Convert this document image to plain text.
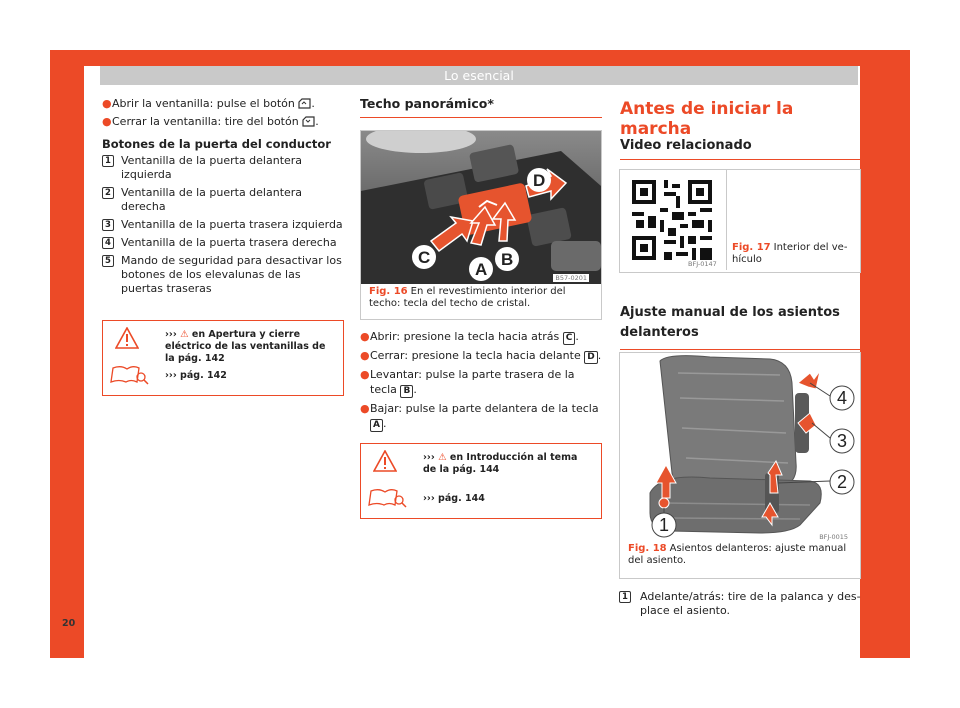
Lo esencial
20
● Abrir la ventanilla: pulse el botón .
● Cerrar la ventanilla: tire del botón .
Botones de la puerta del conductor
1 Ventanilla de la puerta delantera izquierda
2 Ventanilla de la puerta delantera derecha
3 Ventanilla de la puerta trasera izquierda
4 Ventanilla de la puerta trasera derecha
5 Mando de seguridad para desactivar los botones de los elevalunas de las puertas traseras
››› ⚠ en Apertura y cierre eléctrico de las ventanillas de la pág. 142
››› pág. 142
Techo panorámico*
D
C
A
B
B57-0201
Fig. 16 En el revestimiento interior del techo: tecla del techo de cristal.
● Abrir: presione la tecla hacia atrás C .
● Cerrar: presione la tecla hacia delante D .
● Levantar: pulse la parte trasera de la tecla B .
● Bajar: pulse la parte delantera de la tecla A .
››› ⚠ en Introducción al tema de la pág. 144
››› pág. 144
Antes de iniciar la marcha
Video relacionado
BFJ-0147
Fig. 17 Interior del vehículo
Ajuste manual de los asientos delanteros
4
3
2
1
BFJ-0015
Fig. 18 Asientos delanteros: ajuste manual del asiento.
1 Adelante/atrás: tire de la palanca y desplace el asiento.
